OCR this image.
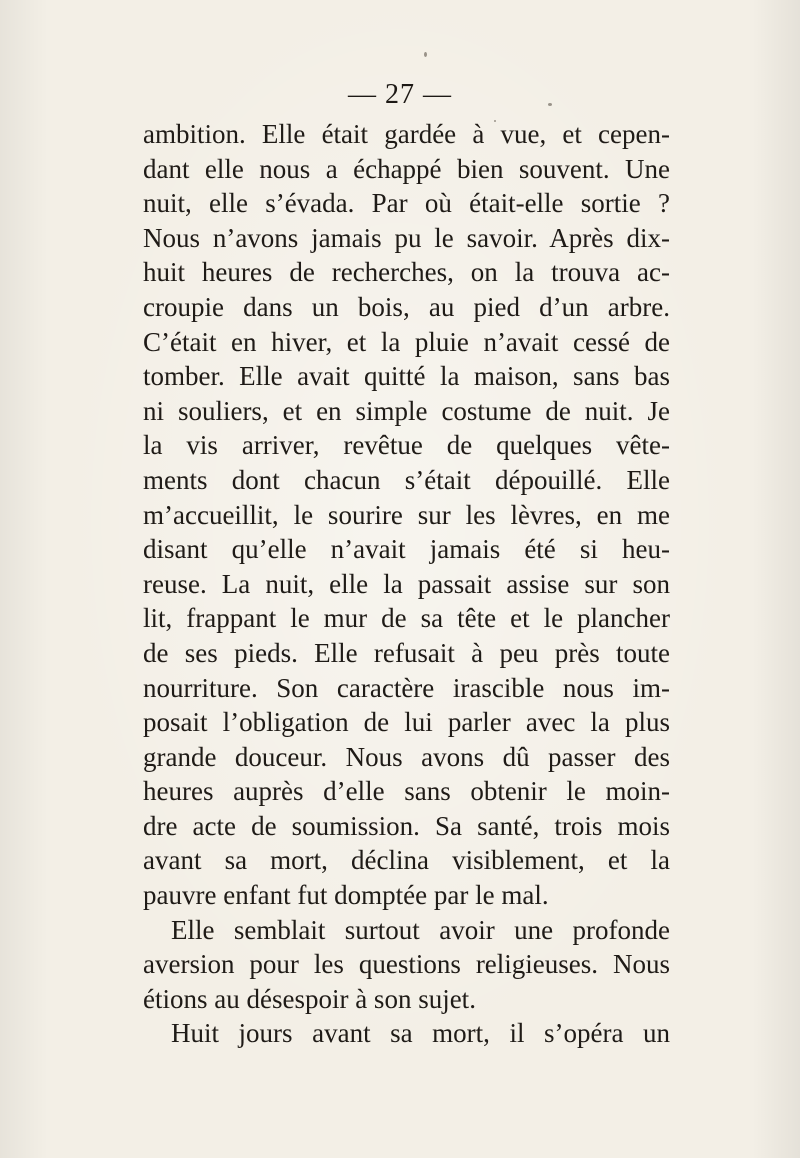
— 27 —
ambition. Elle était gardée à vue, et cepen-
dant elle nous a échappé bien souvent. Une
nuit, elle s’évada. Par où était-elle sortie ?
Nous n’avons jamais pu le savoir. Après dix-
huit heures de recherches, on la trouva ac-
croupie dans un bois, au pied d’un arbre.
C’était en hiver, et la pluie n’avait cessé de
tomber. Elle avait quitté la maison, sans bas
ni souliers, et en simple costume de nuit. Je
la vis arriver, revêtue de quelques vête-
ments dont chacun s’était dépouillé. Elle
m’accueillit, le sourire sur les lèvres, en me
disant qu’elle n’avait jamais été si heu-
reuse. La nuit, elle la passait assise sur son
lit, frappant le mur de sa tête et le plancher
de ses pieds. Elle refusait à peu près toute
nourriture. Son caractère irascible nous im-
posait l’obligation de lui parler avec la plus
grande douceur. Nous avons dû passer des
heures auprès d’elle sans obtenir le moin-
dre acte de soumission. Sa santé, trois mois
avant sa mort, déclina visiblement, et la
pauvre enfant fut domptée par le mal.
Elle semblait surtout avoir une profonde
aversion pour les questions religieuses. Nous
étions au désespoir à son sujet.
Huit jours avant sa mort, il s’opéra un
